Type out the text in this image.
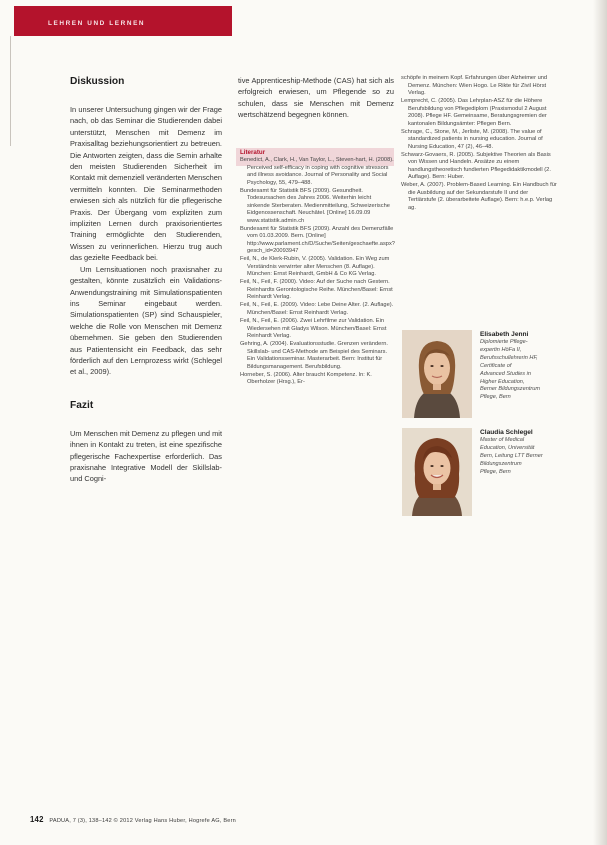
LEHREN UND LERNEN
Diskussion

In unserer Untersuchung gingen wir der Frage nach, ob das Seminar die Studierenden dabei unterstützt, Menschen mit Demenz im Praxisalltag beziehungsorientiert zu betreuen. Die Antworten zeigten, dass die Semin arhalte den meisten Studierenden Sicherheit im Kontakt mit demenziell veränderten Menschen vermitteln konnten. Die Seminarmethoden erwiesen sich als nützlich für die pflegerische Praxis. Der Übergang vom expliziten zum impliziten Lernen durch praxisorientiertes Training ermöglichte den Studierenden, Wissen zu verinnerlichen. Hierzu trug auch das gezielte Feedback bei.

Um Lernsituationen noch praxisnaher zu gestalten, könnte zusätzlich ein Validations-Anwendungstraining mit Simulationspatienten ins Seminar eingebaut werden. Simulationspatienten (SP) sind Schauspieler, welche die Rolle von Menschen mit Demenz übernehmen. Sie geben den Studierenden aus Patientensicht ein Feedback, das sehr förderlich auf den Lernprozess wirkt (Schlegel et al., 2009).

Fazit

Um Menschen mit Demenz zu pflegen und mit ihnen in Kontakt zu treten, ist eine spezifische pflegerische Fachexpertise erforderlich. Das praxisnahe Integrative Modell der Skillslab- und Cogni-

tive Apprenticeship-Methode (CAS) hat sich als erfolgreich erwiesen, um Pflegende so zu schulen, dass sie Menschen mit Demenz wertschätzend begegnen können.

Literatur
Benedict, A., Clark, H., Van Taylor, L., Steven-hart, H. (2008). Perceived self-efficacy in coping with cognitive stressors and illness avoidance. Journal of Personality and Social Psychology, 55, 479–488.
Bundesamt für Statistik BFS (2009). Gesundheit. Todesursachen des Jahres 2006. Weiterhin leicht sinkende Sterberaten. Medienmitteilung, Schweizerische Eidgenossenschaft. Neuchâtel. [Online] 16.09.09 www.statistik.admin.ch
Bundesamt für Statistik BFS (2009). Anzahl des Demenzfälle vom 01.03.2009. Bern. [Online] http://www.parlament.ch/D/Suche/Seiten/geschaefte.aspx?gesch_id=20093947
Feil, N., de Klerk-Rubin, V. (2005). Validation. Ein Weg zum Verständnis verwirrter alter Menschen (8. Auflage). München: Ernst Reinhardt, GmbH & Co KG Verlag.
Feil, N., Feil, F. (2000). Video: Auf der Suche nach Gestern. Reinhardts Gerontologische Reihe. München/Basel: Ernst Reinhardt Verlag.
Feil, N., Feil, E. (2009). Video: Lebe Deine Alter. (2. Auflage). München/Basel: Ernst Reinhardt Verlag.
Feil, N., Feil, E. (2006). Zwei Lehrfilme zur Validation. Ein Wiedersehen mit Gladys Wilson. München/Basel: Ernst Reinhardt Verlag.
Gehring, A. (2004). Evaluationsstudie. Grenzen verändern. Skillslab- und CAS-Methode am Beispiel des Seminars. Ein Validationsseminar. Masterarbeit. Bern: Institut für Bildungsmanagement. Berufsbildung.
Horneber, S. (2006). Alter braucht Kompetenz. In: K. Oberholzer (Hrsg.), Er-
schöpfe in meinem Kopf. Erfahrungen über Alzheimer und Demenz. München: Wien Hogo. Le Rikte für Zivil Hörst Verlag.
Lemprecht, C. (2005). Das Lehrplan-ASZ für die Höhere Berufsbildung von Pflegediplom (Praxismodul 2 August 2008). Pflege HF. Gemeinsame, Beratungsgremien der kantonalen Bildungsämter: Pflegen Bern.
Schrage, C., Stone, M., Jerliste, M. (2008). The value of standardized patients in nursing education. Journal of Nursing Education, 47 (2), 46–48.
Schwarz-Govaers, R. (2005). Subjektive Theorien als Basis von Wissen und Handeln. Ansätze zu einem handlungstheoretisch fundierten Pflegedidaktikmodell (2. Auflage). Bern: Huber.
Weber, A. (2007). Problem-Based Learning. Ein Handbuch für die Ausbildung auf der Sekundarstufe II und der Tertiärstufe (2. überarbeitete Auflage). Bern: h.e.p. Verlag ag.
Elisabeth Jenni
Diplomierte Pflege-
expertin HöFa II,
Berufsschullehrerin HF,
Certificate of
Advanced Studies in
Higher Education,
Berner Bildungszentrum
Pflege, Bern
Claudia Schlegel
Master of Medical
Education, Universität
Bern, Leitung LTT Berner
Bildungszentrum
Pflege, Bern
142 PADUA, 7 (3), 138–142 © 2012 Verlag Hans Huber, Hogrefe AG, Bern
